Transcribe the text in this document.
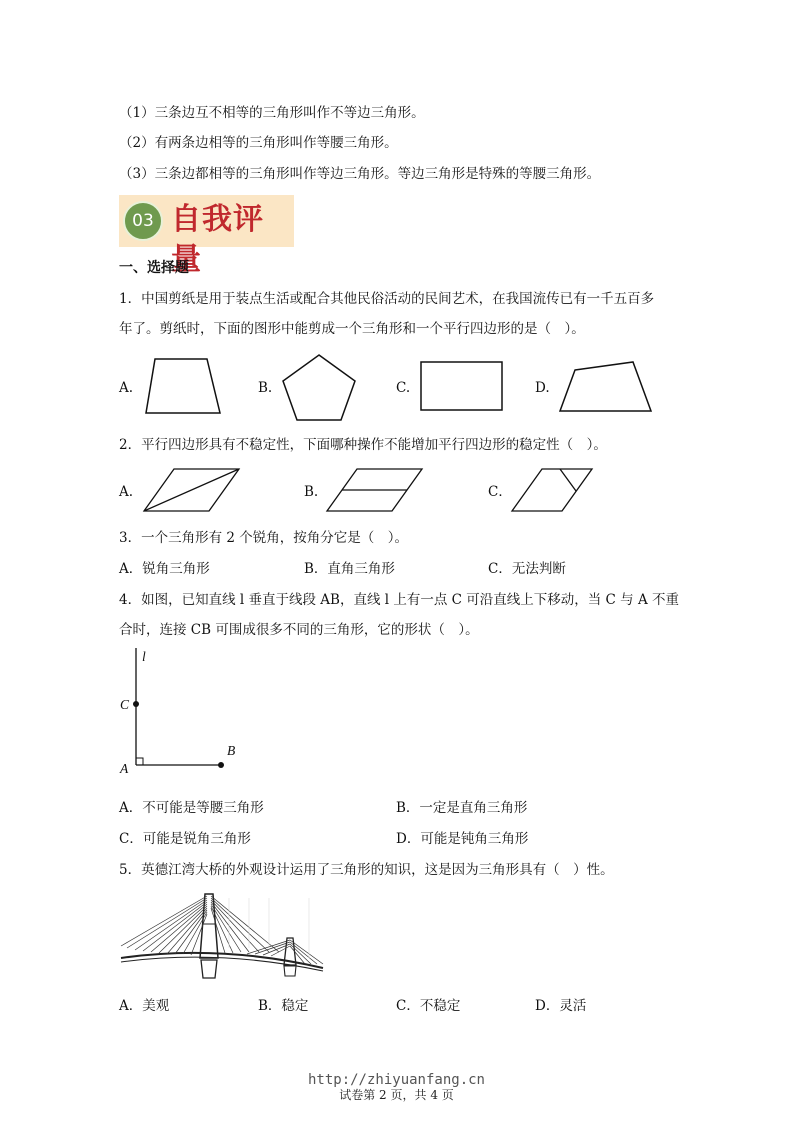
（1）三条边互不相等的三角形叫作不等边三角形。
（2）有两条边相等的三角形叫作等腰三角形。
（3）三条边都相等的三角形叫作等边三角形。等边三角形是特殊的等腰三角形。
03 自我评量
一、选择题
1．中国剪纸是用于装点生活或配合其他民俗活动的民间艺术，在我国流传已有一千五百多
年了。剪纸时，下面的图形中能剪成一个三角形和一个平行四边形的是（　）。
A.	B.	C.	D.
2．平行四边形具有不稳定性，下面哪种操作不能增加平行四边形的稳定性（　）。
A.	B.	C．
3．一个三角形有 2 个锐角，按角分它是（　）。
A．锐角三角形	B．直角三角形	C．无法判断
4．如图，已知直线 l 垂直于线段 AB，直线 l 上有一点 C 可沿直线上下移动，当 C 与 A 不重
合时，连接 CB 可围成很多不同的三角形，它的形状（　）。
l
C
B
A
A．不可能是等腰三角形	B．一定是直角三角形
C．可能是锐角三角形	D．可能是钝角三角形
5．英德江湾大桥的外观设计运用了三角形的知识，这是因为三角形具有（　）性。
A．美观	B．稳定	C．不稳定	D．灵活
http://zhiyuanfang.cn
试卷第 2 页，共 4 页
